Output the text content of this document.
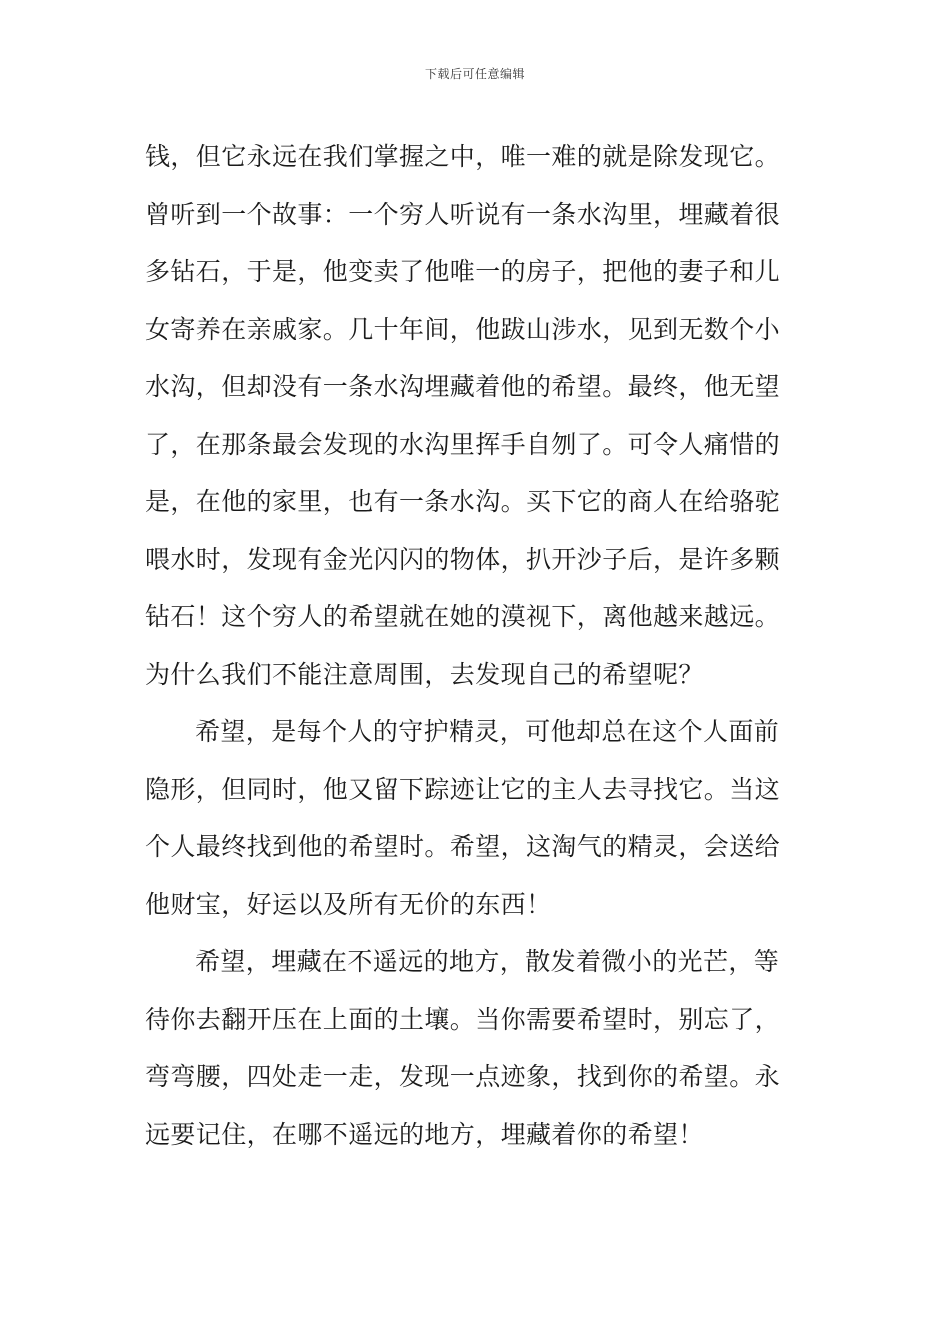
下载后可任意编辑
钱，但它永远在我们掌握之中，唯一难的就是除发现它。
曾听到一个故事：一个穷人听说有一条水沟里，埋藏着很
多钻石，于是，他变卖了他唯一的房子，把他的妻子和儿
女寄养在亲戚家。几十年间，他跋山涉水，见到无数个小
水沟，但却没有一条水沟埋藏着他的希望。最终，他无望
了，在那条最会发现的水沟里挥手自刎了。可令人痛惜的
是，在他的家里，也有一条水沟。买下它的商人在给骆驼
喂水时，发现有金光闪闪的物体，扒开沙子后，是许多颗
钻石！这个穷人的希望就在她的漠视下，离他越来越远。
为什么我们不能注意周围，去发现自己的希望呢？
希望，是每个人的守护精灵，可他却总在这个人面前
隐形，但同时，他又留下踪迹让它的主人去寻找它。当这
个人最终找到他的希望时。希望，这淘气的精灵，会送给
他财宝，好运以及所有无价的东西！
希望，埋藏在不遥远的地方，散发着微小的光芒，等
待你去翻开压在上面的土壤。当你需要希望时，别忘了，
弯弯腰，四处走一走，发现一点迹象，找到你的希望。永
远要记住，在哪不遥远的地方，埋藏着你的希望！
